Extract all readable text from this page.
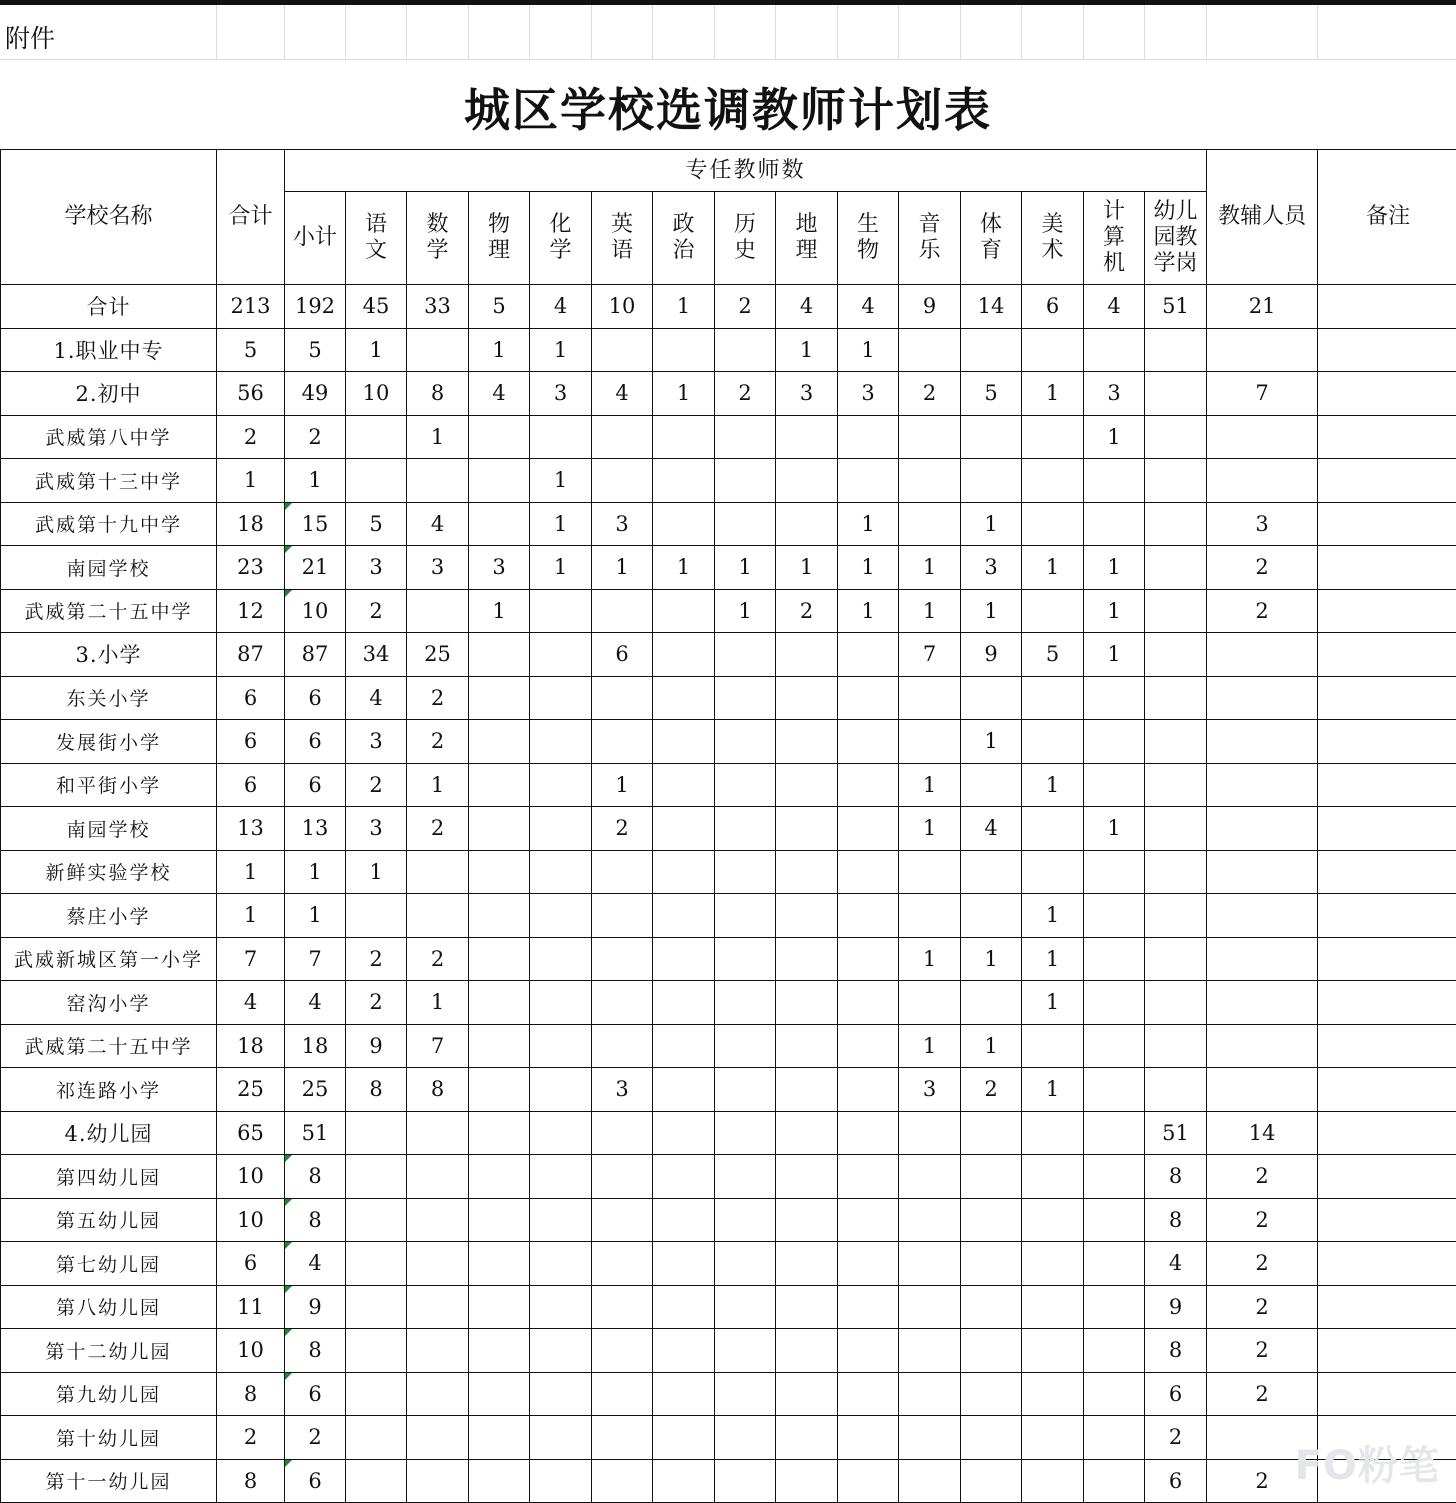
附件
城区学校选调教师计划表
学校名称	合计	专任教师数															教辅人员	备注
		小计	语文	数学	物理	化学	英语	政治	历史	地理	生物	音乐	体育	美术	计算机	幼儿园教学岗		
合计	213	192	45	33	5	4	10	1	2	4	4	9	14	6	4	51	21	
1.职业中专	5	5	1		1	1				1	1							
2.初中	56	49	10	8	4	3	4	1	2	3	3	2	5	1	3		7	
武威第八中学	2	2		1											1			
武威第十三中学	1	1				1												
武威第十九中学	18	15	5	4		1	3				1		1				3	
南园学校	23	21	3	3	3	1	1	1	1	1	1	1	3	1	1		2	
武威第二十五中学	12	10	2		1				1	2	1	1	1		1		2	
3.小学	87	87	34	25			6					7	9	5	1			
东关小学	6	6	4	2														
发展街小学	6	6	3	2									1					
和平街小学	6	6	2	1			1					1		1				
南园学校	13	13	3	2			2					1	4		1			
新鲜实验学校	1	1	1															
蔡庄小学	1	1												1				
武威新城区第一小学	7	7	2	2								1	1	1				
窑沟小学	4	4	2	1										1				
武威第二十五中学	18	18	9	7								1	1					
祁连路小学	25	25	8	8			3					3	2	1				
4.幼儿园	65	51														51	14	
第四幼儿园	10	8														8	2	
第五幼儿园	10	8														8	2	
第七幼儿园	6	4														4	2	
第八幼儿园	11	9														9	2	
第十二幼儿园	10	8														8	2	
第九幼儿园	8	6														6	2	
第十幼儿园	2	2														2		
第十一幼儿园	8	6														6	2	FO粉笔
